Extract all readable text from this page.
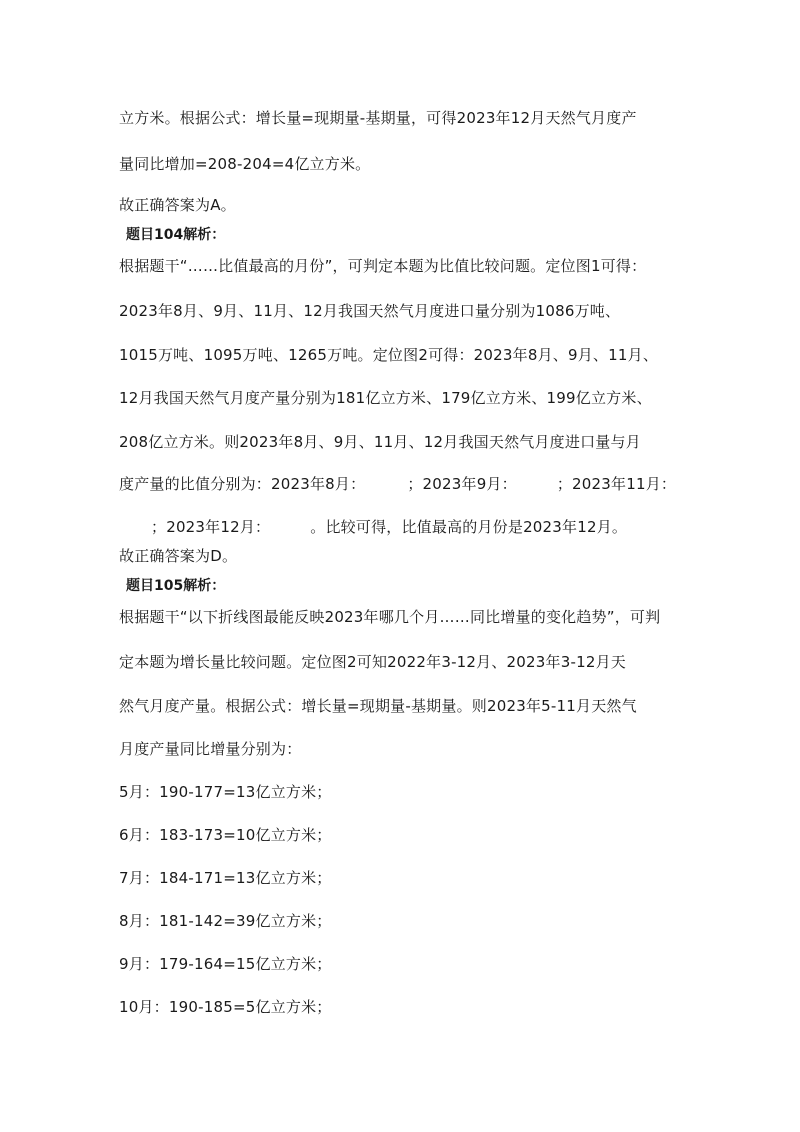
立方米。根据公式：增长量=现期量-基期量，可得2023年12月天然气月度产
量同比增加=208-204=4亿立方米。
故正确答案为A。
题目104解析：
根据题干“……比值最高的月份”，可判定本题为比值比较问题。定位图1可得：
2023年8月、9月、11月、12月我国天然气月度进口量分别为1086万吨、
1015万吨、1095万吨、1265万吨。定位图2可得：2023年8月、9月、11月、
12月我国天然气月度产量分别为181亿立方米、179亿立方米、199亿立方米、
208亿立方米。则2023年8月、9月、11月、12月我国天然气月度进口量与月
度产量的比值分别为：2023年8月：	；2023年9月：	；2023年11月：
；2023年12月：	。比较可得，比值最高的月份是2023年12月。
故正确答案为D。
题目105解析：
根据题干“以下折线图最能反映2023年哪几个月……同比增量的变化趋势”，可判
定本题为增长量比较问题。定位图2可知2022年3-12月、2023年3-12月天
然气月度产量。根据公式：增长量=现期量-基期量。则2023年5-11月天然气
月度产量同比增量分别为：
5月：190-177=13亿立方米；
6月：183-173=10亿立方米；
7月：184-171=13亿立方米；
8月：181-142=39亿立方米；
9月：179-164=15亿立方米；
10月：190-185=5亿立方米；
